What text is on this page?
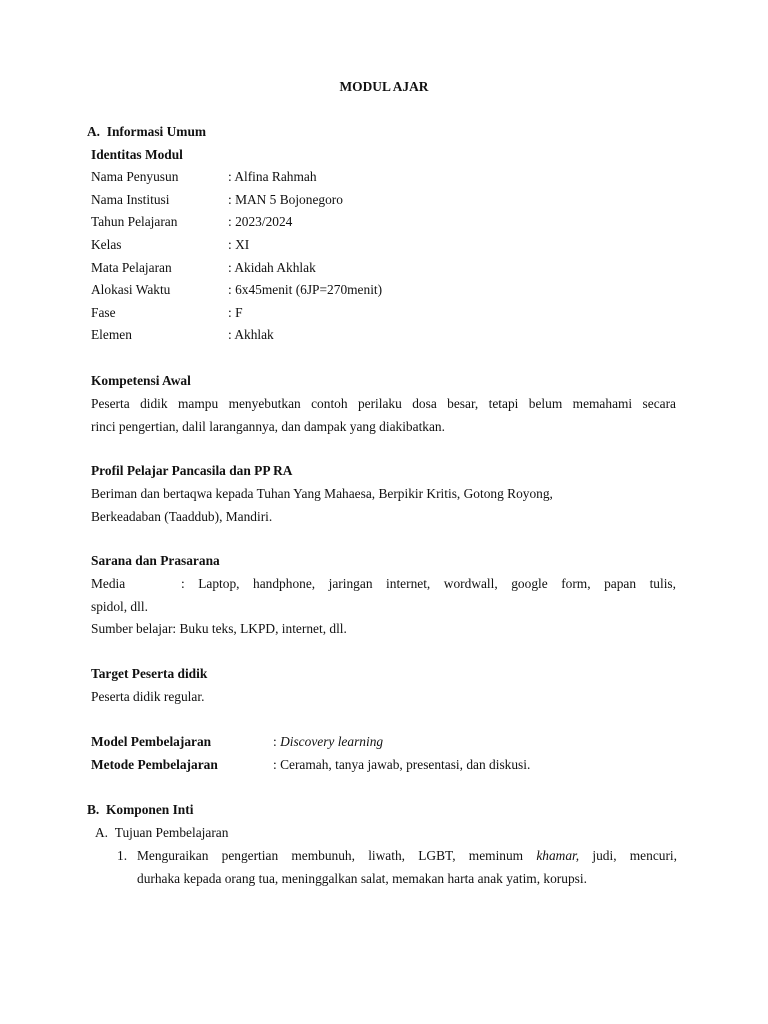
MODUL AJAR
A. Informasi Umum
Identitas Modul
Nama Penyusun	: Alfina Rahmah
Nama Institusi	: MAN 5 Bojonegoro
Tahun Pelajaran	: 2023/2024
Kelas	: XI
Mata Pelajaran	: Akidah Akhlak
Alokasi Waktu	: 6x45menit (6JP=270menit)
Fase	: F
Elemen	: Akhlak
Kompetensi Awal
Peserta didik mampu menyebutkan contoh perilaku dosa besar, tetapi belum memahami secara
rinci pengertian, dalil larangannya, dan dampak yang diakibatkan.
Profil Pelajar Pancasila dan PP RA
Beriman dan bertaqwa kepada Tuhan Yang Mahaesa, Berpikir Kritis, Gotong Royong,
Berkeadaban (Taaddub), Mandiri.
Sarana dan Prasarana
Media	: Laptop, handphone, jaringan internet, wordwall, google form, papan tulis,
spidol, dll.
Sumber belajar: Buku teks, LKPD, internet, dll.
Target Peserta didik
Peserta didik regular.
Model Pembelajaran	: Discovery learning
Metode Pembelajaran	: Ceramah, tanya jawab, presentasi, dan diskusi.
B. Komponen Inti
A. Tujuan Pembelajaran
1. Menguraikan pengertian membunuh, liwath, LGBT, meminum khamar, judi, mencuri,
durhaka kepada orang tua, meninggalkan salat, memakan harta anak yatim, korupsi.
